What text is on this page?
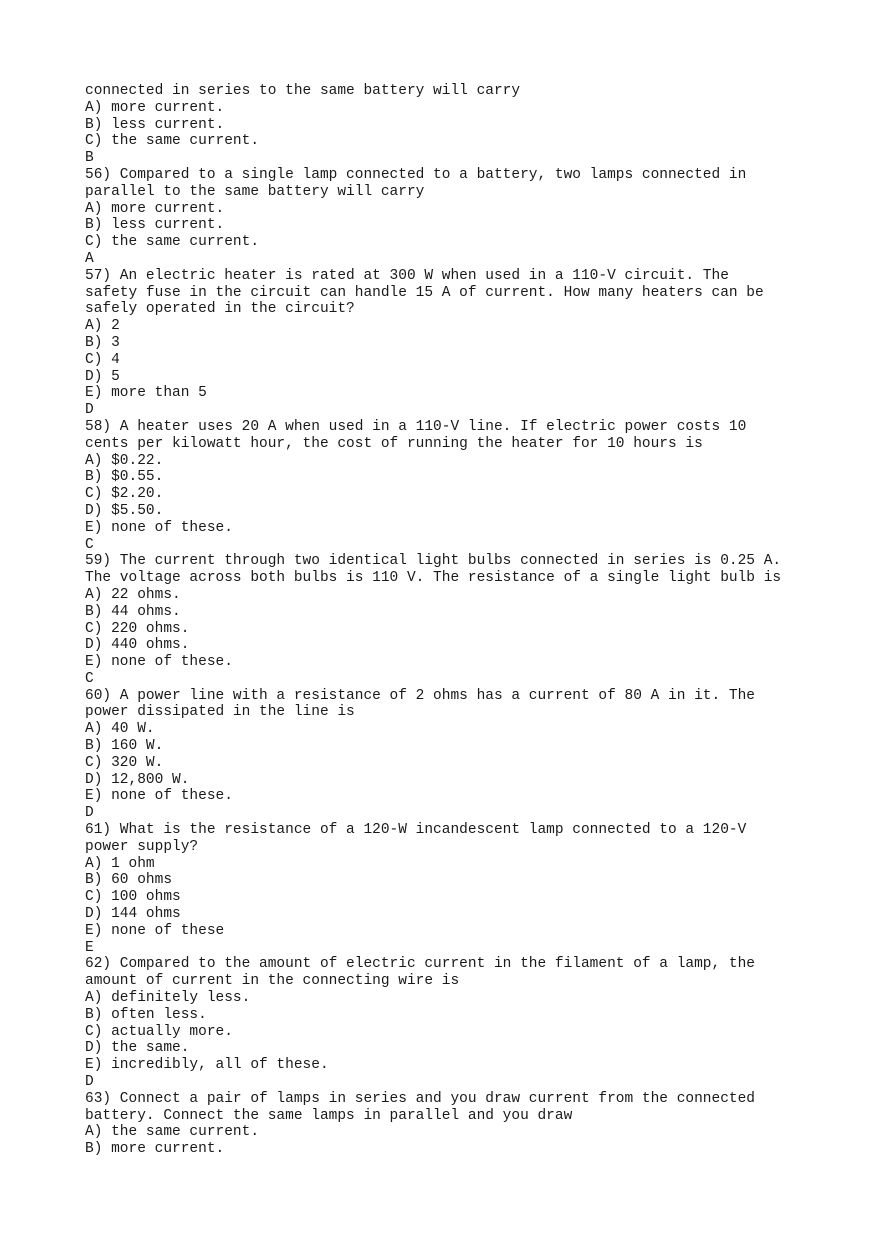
connected in series to the same battery will carry
A) more current.
B) less current.
C) the same current.
B
56) Compared to a single lamp connected to a battery, two lamps connected in
parallel to the same battery will carry
A) more current.
B) less current.
C) the same current.
A
57) An electric heater is rated at 300 W when used in a 110-V circuit. The
safety fuse in the circuit can handle 15 A of current. How many heaters can be
safely operated in the circuit?
A) 2
B) 3
C) 4
D) 5
E) more than 5
D
58) A heater uses 20 A when used in a 110-V line. If electric power costs 10
cents per kilowatt hour, the cost of running the heater for 10 hours is
A) $0.22.
B) $0.55.
C) $2.20.
D) $5.50.
E) none of these.
C
59) The current through two identical light bulbs connected in series is 0.25 A.
The voltage across both bulbs is 110 V. The resistance of a single light bulb is
A) 22 ohms.
B) 44 ohms.
C) 220 ohms.
D) 440 ohms.
E) none of these.
C
60) A power line with a resistance of 2 ohms has a current of 80 A in it. The
power dissipated in the line is
A) 40 W.
B) 160 W.
C) 320 W.
D) 12,800 W.
E) none of these.
D
61) What is the resistance of a 120-W incandescent lamp connected to a 120-V
power supply?
A) 1 ohm
B) 60 ohms
C) 100 ohms
D) 144 ohms
E) none of these
E
62) Compared to the amount of electric current in the filament of a lamp, the
amount of current in the connecting wire is
A) definitely less.
B) often less.
C) actually more.
D) the same.
E) incredibly, all of these.
D
63) Connect a pair of lamps in series and you draw current from the connected
battery. Connect the same lamps in parallel and you draw
A) the same current.
B) more current.
